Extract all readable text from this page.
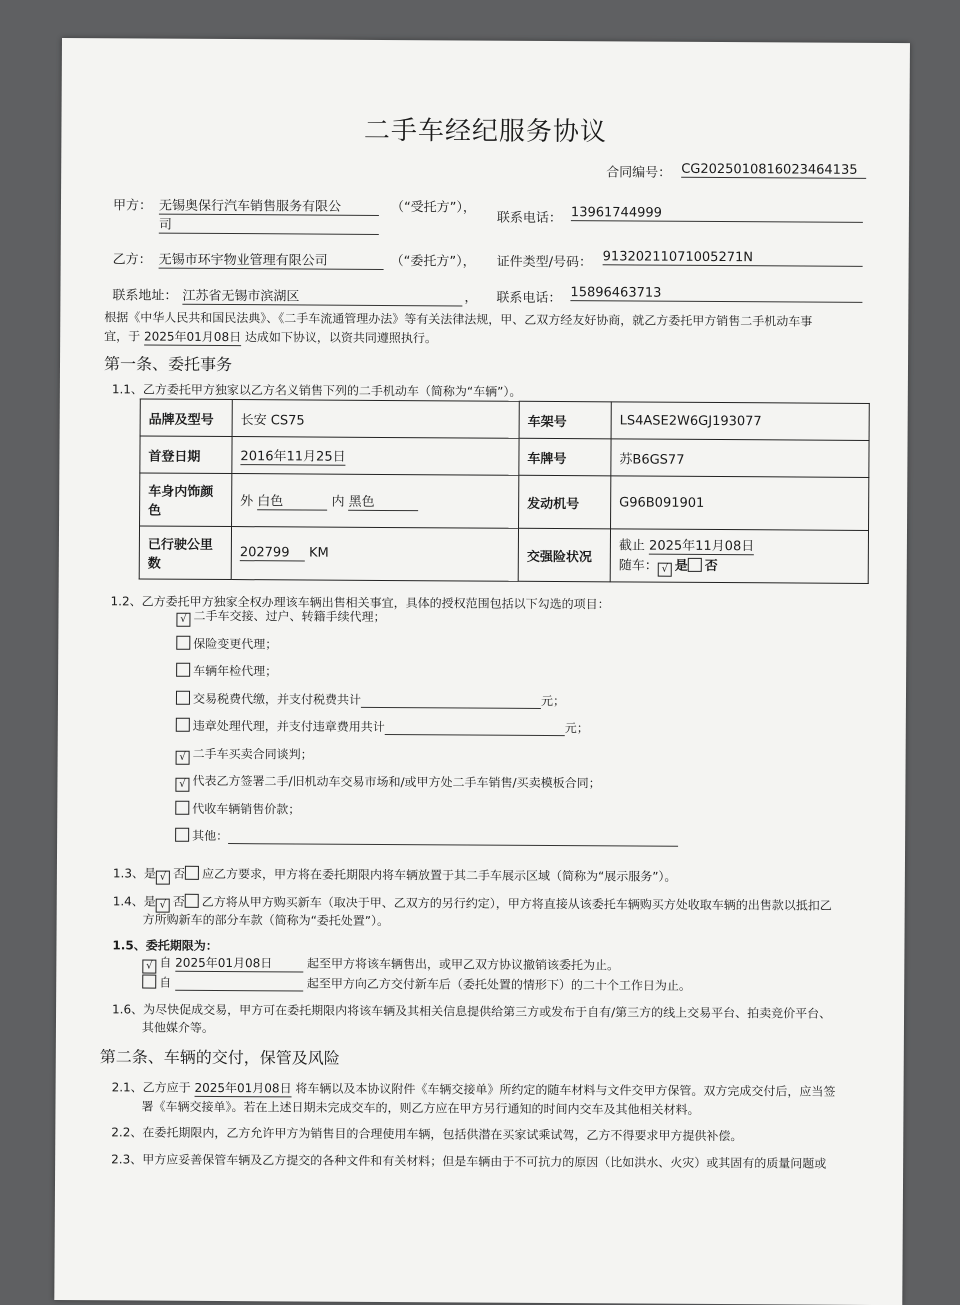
二手车经纪服务协议
合同编号： CG20250108160234641​35
甲方： 无锡奥保行汽车销售服务有限公
司
（“受托方”），
联系电话： 13961744999
乙方： 无锡市环宇物业管理有限公司	（“委托方”）， 证件类型/号码： 91320211071005271N
联系地址： 江苏省无锡市滨湖区	， 联系电话： 15896463713
根据《中华人民共和国民法典》、《二手车流通管理办法》等有关法律法规，甲、乙双方经友好协商，就乙方委托甲方销售二手机动车事
宜，于 2025年01月08日 达成如下协议，以资共同遵照执行。
第一条、委托事务
1.1、乙方委托甲方独家以乙方名义销售下列的二手机动车（简称为“车辆”）。
品牌及型号	长安 CS75	车架号	LS4ASE2W6GJ193077
首登日期	2016年11月25日	车牌号	苏B6GS77
车身内饰颜色	外 白色 内 黑色	发动机号	G96B091901
已行驶公里数	202799 KM	交强险状况	截止 2025年11月08日
随车： √ 是 否
1.2、乙方委托甲方独家全权办理该车辆出售相关事宜，具体的授权范围包括以下勾选的项目：
√ 二手车交接、过户、转籍手续代理；
保险变更代理；
车辆年检代理；
交易税费代缴，并支付税费共计	元；
违章处理代理，并支付违章费用共计	元；
√ 二手车买卖合同谈判；
√ 代表乙方签署二手/旧机动车交易市场和/或甲方处二手车销售/买卖模板合同；
代收车辆销售价款；
其他：
1.3、是 √ 否 应乙方要求，甲方将在委托期限内将车辆放置于其二手车展示区域（简称为“展示服务”）。
1.4、是 √ 否 乙方将从甲方购买新车（取决于甲、乙双方的另行约定），甲方将直接从该委托车辆购买方处收取车辆的出售款以抵扣乙
方所购新车的部分车款（简称为“委托处置”）。
1.5、委托期限为：
√ 自 2025年01月08日	起至甲方将该车辆售出，或甲乙双方协议撤销该委托为止。
自	起至甲方向乙方交付新车后（委托处置的情形下）的二十个工作日为止。
1.6、为尽快促成交易，甲方可在委托期限内将该车辆及其相关信息提供给第三方或发布于自有/第三方的线上交易平台、拍卖竞价平台、
其他媒介等。
第二条、车辆的交付，保管及风险
2.1、乙方应于 2025年01月08日 将车辆以及本协议附件《车辆交接单》所约定的随车材料与文件交甲方保管。双方完成交付后，应当签
署《车辆交接单》。若在上述日期未完成交车的，则乙方应在甲方另行通知的时间内交车及其他相关材料。
2.2、在委托期限内，乙方允许甲方为销售目的合理使用车辆，包括供潜在买家试乘试驾，乙方不得要求甲方提供补偿。
2.3、甲方应妥善保管车辆及乙方提交的各种文件和有关材料；但是车辆由于不可抗力的原因（比如洪水、火灾）或其固有的质量问题或
